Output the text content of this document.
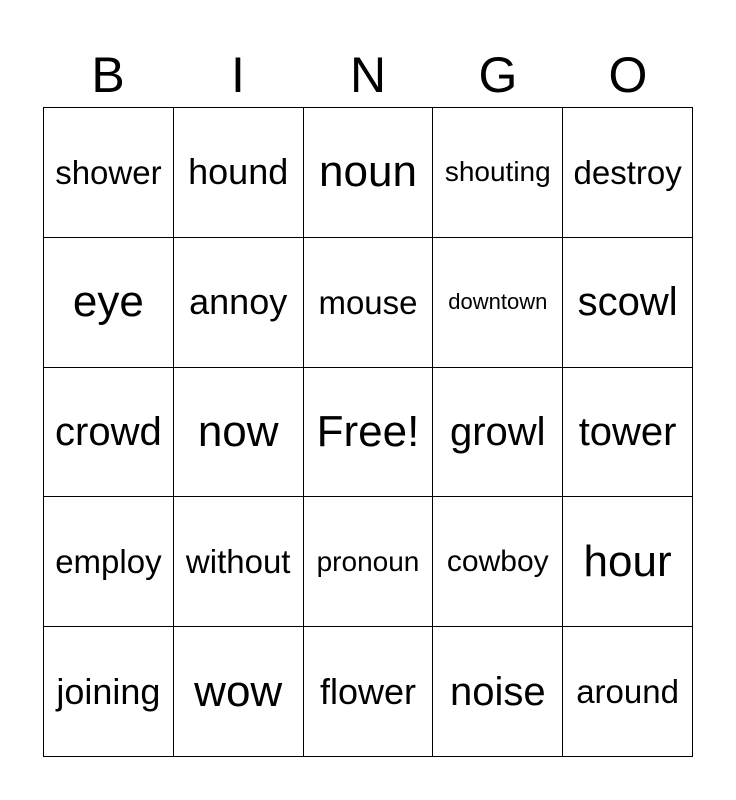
B	I	N	G	O
shower hound noun shouting destroy
eye annoy mouse downtown scowl
crowd now Free! growl tower
employ without pronoun cowboy hour
joining wow flower noise around
